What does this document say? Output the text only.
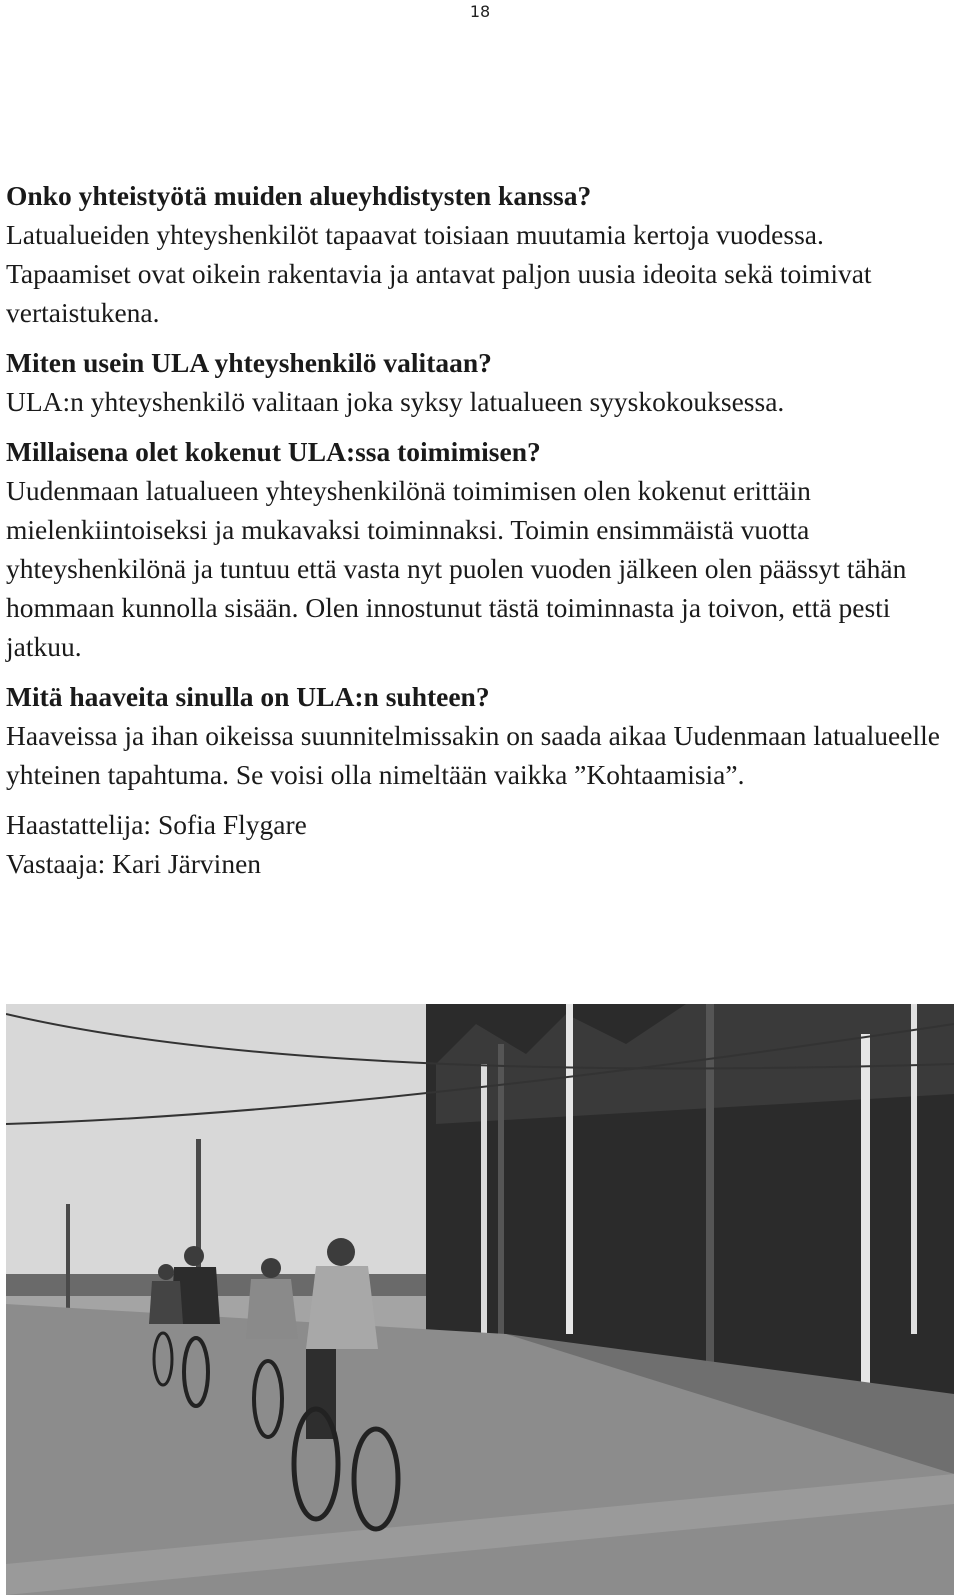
18

Onko yhteistyötä muiden alueyhdistysten kanssa?

Latualueiden yhteyshenkilöt tapaavat toisiaan muutamia kertoja vuodessa. Tapaamiset ovat oikein rakentavia ja antavat paljon uusia ideoita sekä toimivat vertaistukena.

Miten usein ULA yhteyshenkilö valitaan?

ULA:n yhteyshenkilö valitaan joka syksy latualueen syyskokouksessa.

Millaisena olet kokenut ULA:ssa toimimisen?

Uudenmaan latualueen yhteyshenkilönä toimimisen olen kokenut erittäin mielenkiintoiseksi ja mukavaksi toiminnaksi. Toimin ensimmäistä vuotta yhteyshenkilönä ja tuntuu että vasta nyt puolen vuoden jälkeen olen päässyt tähän hommaan kunnolla sisään. Olen innostunut tästä toiminnasta ja toivon, että pesti jatkuu.

Mitä haaveita sinulla on ULA:n suhteen?

Haaveissa ja ihan oikeissa suunnitelmissakin on saada aikaa Uudenmaan latualueelle yhteinen tapahtuma. Se voisi olla nimeltään vaikka ”Kohtaamisia”.

Haastattelija: Sofia Flygare

Vastaaja: Kari Järvinen
